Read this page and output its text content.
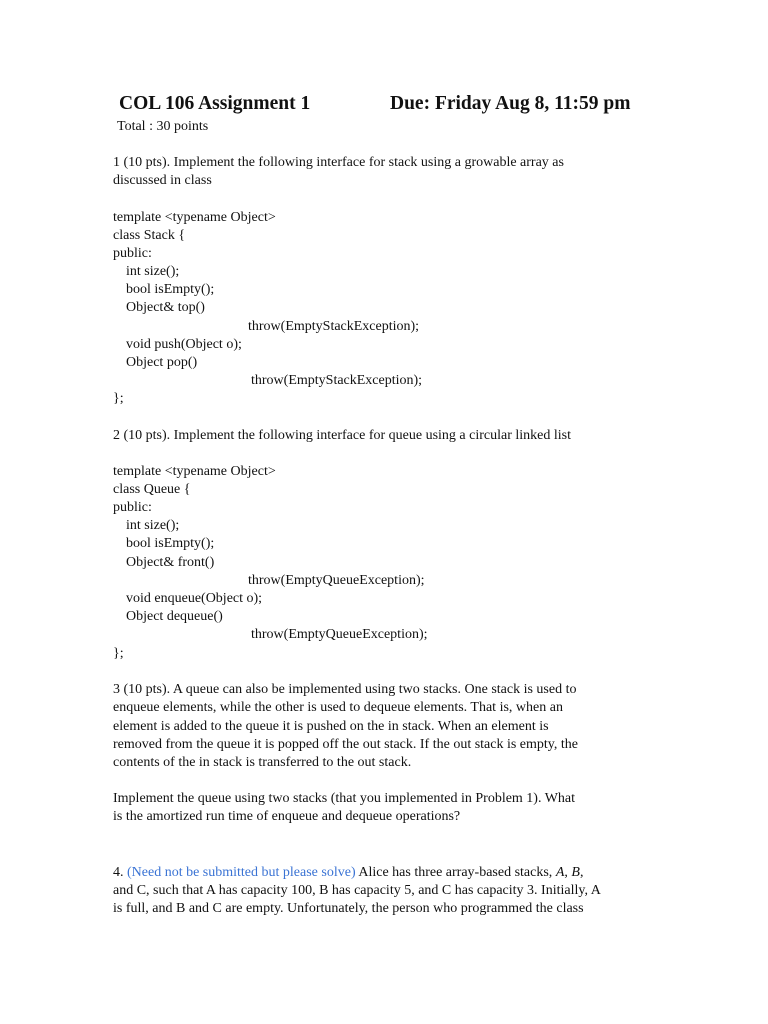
COL 106 Assignment 1	Due: Friday Aug 8, 11:59 pm
Total : 30 points
1 (10 pts). Implement the following interface for stack using a growable array as
discussed in class
template <typename Object>
class Stack {
public:
int size();
bool isEmpty();
Object& top()
throw(EmptyStackException);
void push(Object o);
Object pop()
throw(EmptyStackException);
};
2 (10 pts). Implement the following interface for queue using a circular linked list
template <typename Object>
class Queue {
public:
int size();
bool isEmpty();
Object& front()
throw(EmptyQueueException);
void enqueue(Object o);
Object dequeue()
throw(EmptyQueueException);
};
3 (10 pts). A queue can also be implemented using two stacks. One stack is used to
enqueue elements, while the other is used to dequeue elements. That is, when an
element is added to the queue it is pushed on the in stack. When an element is
removed from the queue it is popped off the out stack. If the out stack is empty, the
contents of the in stack is transferred to the out stack.
Implement the queue using two stacks (that you implemented in Problem 1). What
is the amortized run time of enqueue and dequeue operations?
4. (Need not be submitted but please solve) Alice has three array-based stacks, A, B,
and C, such that A has capacity 100, B has capacity 5, and C has capacity 3. Initially, A
is full, and B and C are empty. Unfortunately, the person who programmed the class
